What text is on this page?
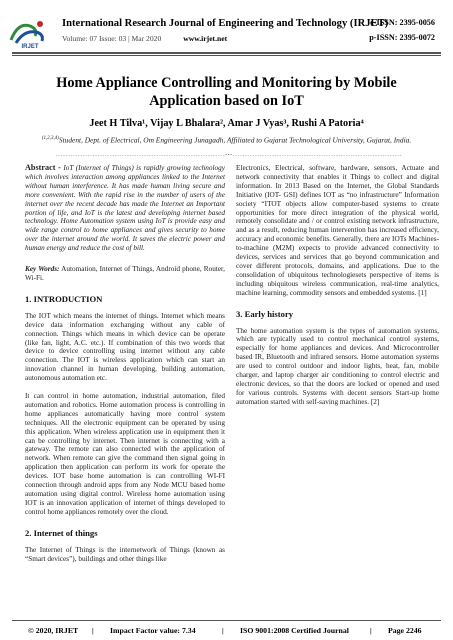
IRJET
International Research Journal of Engineering and Technology (IRJET)
Volume: 07 Issue: 03 | Mar 2020	www.irjet.net
e-ISSN: 2395-0056
p-ISSN: 2395-0072
Home Appliance Controlling and Monitoring by Mobile Application based on IoT
Jeet H Tilva¹, Vijay L Bhalara², Amar J Vyas³, Rushi A Patoria⁴
$^{(1,2,3,4)}$Student, Dept. of Electrical, Om Engineering Junagadh, Affiliated to Gujarat Technological University, Gujarat, India.
---------------------------------------------------------------------***---------------------------------------------------------------------

Abstract - IoT (Internet of Things) is rapidly growing technology which involves interaction among appliances linked to the Internet without human interference. It has made human living secure and more convenient. With the rapid rise in the number of users of the internet over the recent decade has made the Internet an Important portion of life, and IoT is the latest and developing internet based technology. Home Automation system using IoT is provide easy and wide range control to home appliances and gives security to home over the internet around the world. It saves the electric power and human energy and reduce the cost of bill.

Key Words: Automation, Internet of Things, Android phone, Router, Wi-Fi.

1. INTRODUCTION

The IOT which means the internet of things. Internet which means device data information exchanging without any cable of connection. Things which means in which device can be operate (like fan, light, A.C. etc.). If combination of this two words that device to device controlling using internet without any cable connection. The IOT is wireless application which can start an innovation channel in human developing, building automation, autonomous automation etc.

It can control in home automation, industrial automation, filed automation and robotics. Home automation process is controlling in home appliances automatically having more control system techniques. All the electronic equipment can be operated by using this application. When wireless application use in equipment then it can be controlling by internet. Then internet is connecting with a gateway. The remote can also connected with the application of network. When remote can give the command then signal going in application then application can perform its work for operate the devices. IOT base home automation is can controlling WI-FI connection through android apps from any Node MCU based home automation using digital control. Wireless home automation using IOT is an innovation application of internet of things developed to control home appliances remotely over the cloud.

2. Internet of things

The Internet of Things is the internetwork of Things (known as “Smart devices”), buildings and other things like

Electronics, Electrical, software, hardware, sensors, Actuate and network connectivity that enables it Things to collect and digital information. In 2013 Based on the Internet, the Global Standards Initiative (IOT- GSI) defines IOT as “no infrastructure” Information society “ITOT objects allow computer-based systems to create opportunities for more direct integration of the physical world, remotely consolidate and / or control existing network infrastructure, and as a result, reducing human intervention has increased efficiency, accuracy and economic benefits. Generally, there are IOTs Machines-to-machine (M2M) expects to provide advanced connectivity to devices, services and services that go beyond communication and cover different protocols, domains, and applications. Due to the consolidation of ubiquitous technologiesets perspective of items is including ubiquitous wireless communication, real-time analytics, machine learning, commodity sensors and embedded systems. [1]

3. Early history

The home automation system is the types of automation systems, which are typically used to control mechanical control systems, especially for home appliances and devices. And Microcontroller based IR, Bluetooth and infrared sensors. Home automation systems are used to control outdoor and indoor lights, heat, fan, mobile charger, and laptop charger air conditioning to control electric and electronic devices, so that the doors are locked or opened and used for various controls. Systems with decent sensors Start-up home automation started with self-saving machines. [2]

© 2020, IRJET | Impact Factor value: 7.34	| ISO 9001:2008 Certified Journal	| Page 2246
